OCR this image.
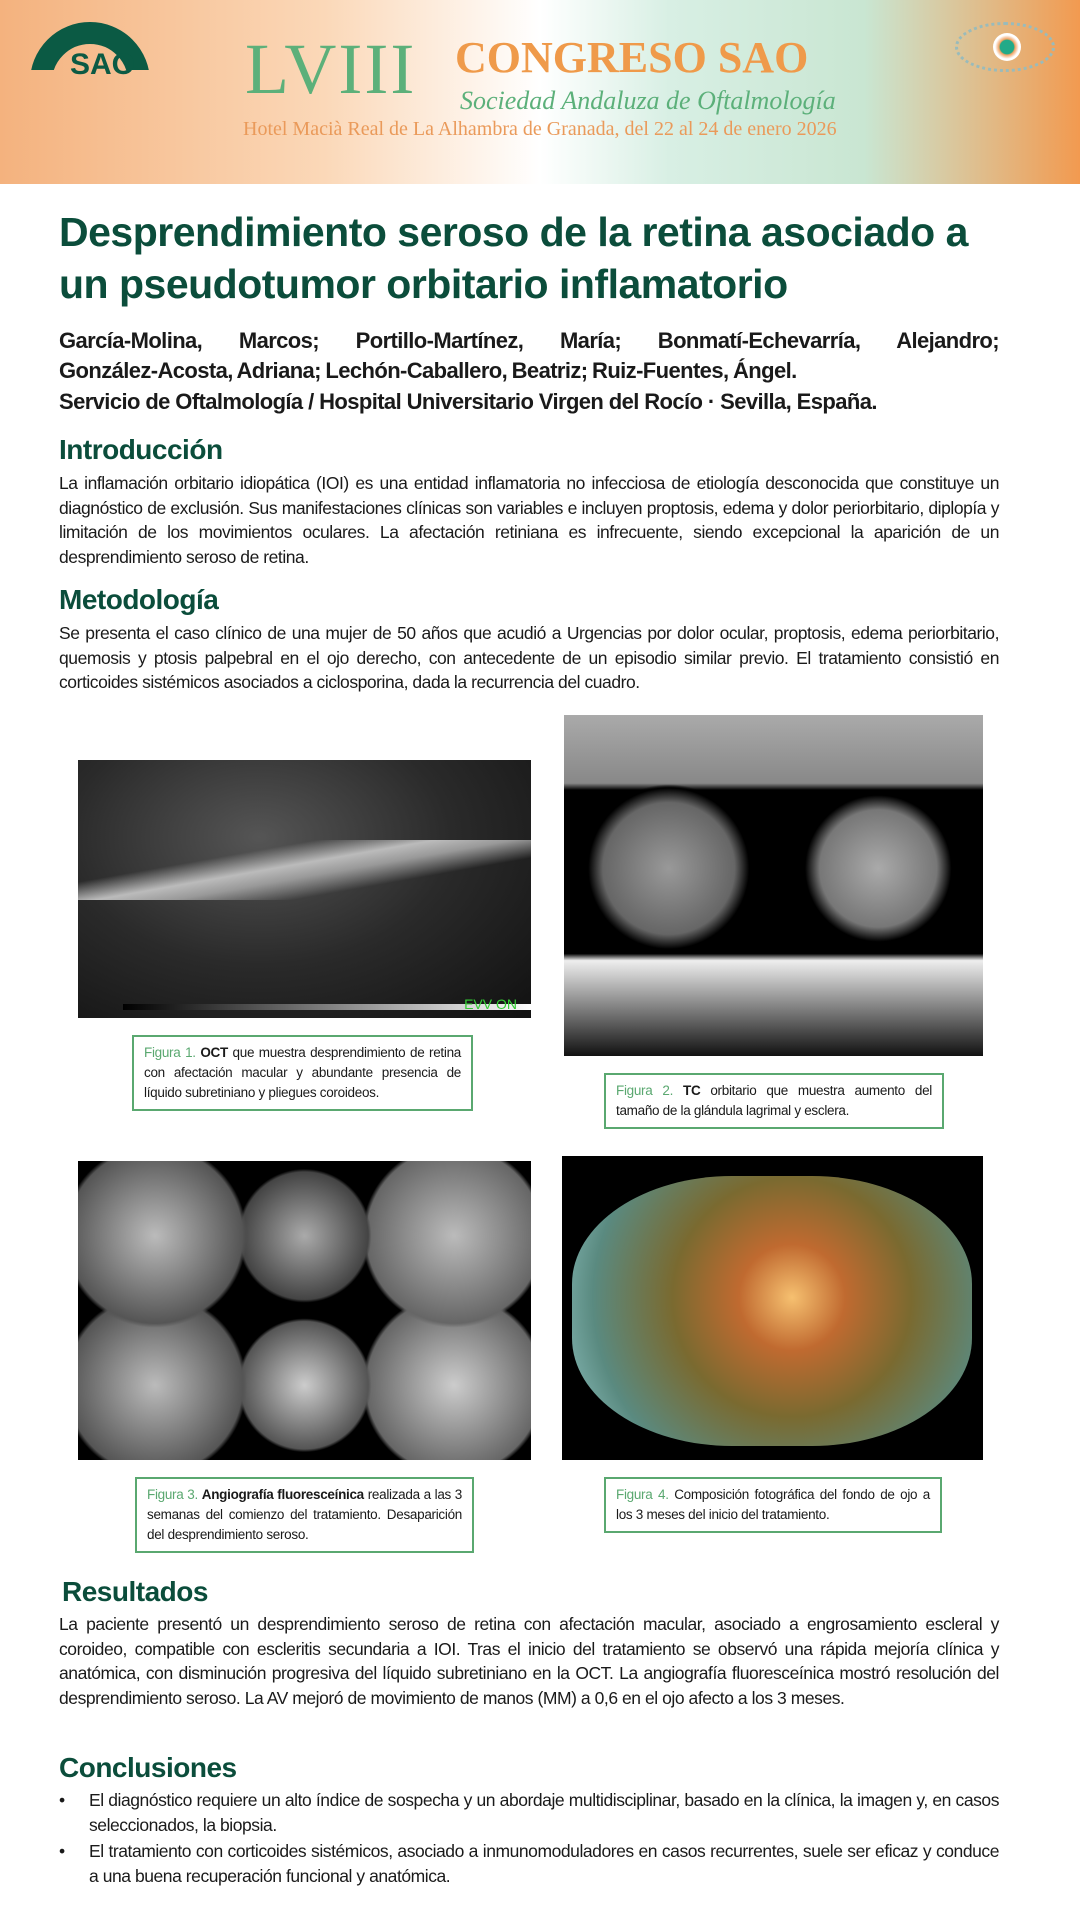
SAO LVIII CONGRESO SAO
Sociedad Andaluza de Oftalmología
Hotel Macià Real de La Alhambra de Granada, del 22 al 24 de enero 2026
Desprendimiento seroso de la retina asociado a un pseudotumor orbitario inflamatorio
García-Molina, Marcos; Portillo-Martínez, María; Bonmatí-Echevarría, Alejandro;
González-Acosta, Adriana; Lechón-Caballero, Beatriz; Ruiz-Fuentes, Ángel.
Servicio de Oftalmología / Hospital Universitario Virgen del Rocío · Sevilla, España.
Introducción

La inflamación orbitario idiopática (IOI) es una entidad inflamatoria no infecciosa de etiología desconocida que constituye un diagnóstico de exclusión. Sus manifestaciones clínicas son variables e incluyen proptosis, edema y dolor periorbitario, diplopía y limitación de los movimientos oculares. La afectación retiniana es infrecuente, siendo excepcional la aparición de un desprendimiento seroso de retina.

Metodología

Se presenta el caso clínico de una mujer de 50 años que acudió a Urgencias por dolor ocular, proptosis, edema periorbitario, quemosis y ptosis palpebral en el ojo derecho, con antecedente de un episodio similar previo. El tratamiento consistió en corticoides sistémicos asociados a ciclosporina, dada la recurrencia del cuadro.

EVV ON
Figura 1. OCT que muestra desprendimiento de retina con afectación macular y abundante presencia de líquido subretiniano y pliegues coroideos.	Figura 2. TC orbitario que muestra aumento del tamaño de la glándula lagrimal y esclera.
Figura 3. Angiografía fluoresceínica realizada a las 3 semanas del comienzo del tratamiento. Desaparición del desprendimiento seroso.
Figura 4. Composición fotográfica del fondo de ojo a los 3 meses del inicio del tratamiento.
Resultados

La paciente presentó un desprendimiento seroso de retina con afectación macular, asociado a engrosamiento escleral y coroideo, compatible con escleritis secundaria a IOI. Tras el inicio del tratamiento se observó una rápida mejoría clínica y anatómica, con disminución progresiva del líquido subretiniano en la OCT. La angiografía fluoresceínica mostró resolución del desprendimiento seroso. La AV mejoró de movimiento de manos (MM) a 0,6 en el ojo afecto a los 3 meses.

Conclusiones
• El diagnóstico requiere un alto índice de sospecha y un abordaje multidisciplinar, basado en la clínica, la imagen y, en casos seleccionados, la biopsia.
• El tratamiento con corticoides sistémicos, asociado a inmunomoduladores en casos recurrentes, suele ser eficaz y conduce a una buena recuperación funcional y anatómica.
